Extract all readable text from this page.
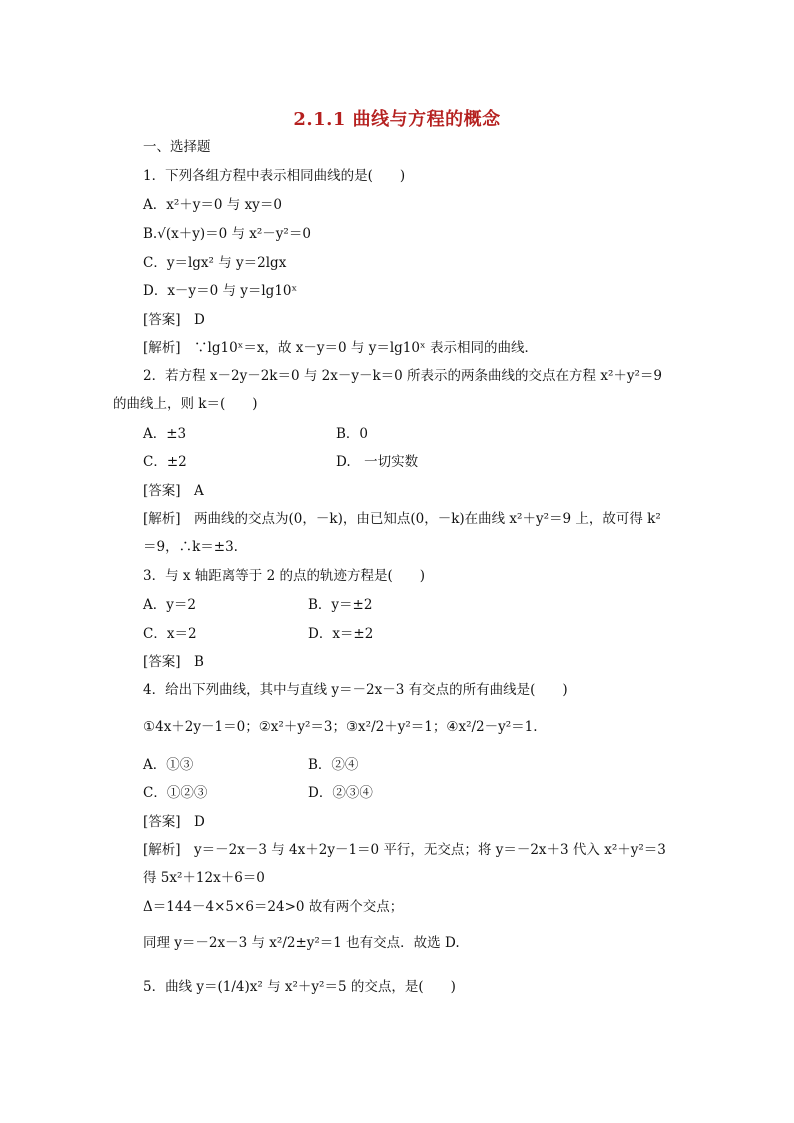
2.1.1 曲线与方程的概念
一、选择题
1．下列各组方程中表示相同曲线的是(　　)
A．x²＋y＝0 与 xy＝0
B.√(x＋y)＝0 与 x²－y²＝0
C．y＝lgx² 与 y＝2lgx
D．x－y＝0 与 y＝lg10ˣ
[答案]　D
[解析]　∵lg10ˣ＝x，故 x－y＝0 与 y＝lg10ˣ 表示相同的曲线．
2．若方程 x－2y－2k＝0 与 2x－y－k＝0 所表示的两条曲线的交点在方程 x²＋y²＝9
的曲线上，则 k＝(　　)
A．±3	B．0
C．±2	D.　一切实数
[答案]　A
[解析]　两曲线的交点为(0，－k)，由已知点(0，－k)在曲线 x²＋y²＝9 上，故可得 k²
＝9，∴k＝±3.
3．与 x 轴距离等于 2 的点的轨迹方程是(　　)
A．y＝2	B．y＝±2
C．x＝2	D．x＝±2
[答案]　B
4．给出下列曲线，其中与直线 y＝－2x－3 有交点的所有曲线是(　　)
①4x＋2y－1＝0；②x²＋y²＝3；③x²/2＋y²＝1；④x²/2－y²＝1.
A．①③	B．②④
C．①②③	D．②③④
[答案]　D
[解析]　y＝－2x－3 与 4x＋2y－1＝0 平行，无交点；将 y＝－2x＋3 代入 x²＋y²＝3
得 5x²＋12x＋6＝0
Δ＝144－4×5×6＝24>0 故有两个交点；
同理 y＝－2x－3 与 x²/2±y²＝1 也有交点．故选 D.
5．曲线 y＝(1/4)x² 与 x²＋y²＝5 的交点，是(　　)
